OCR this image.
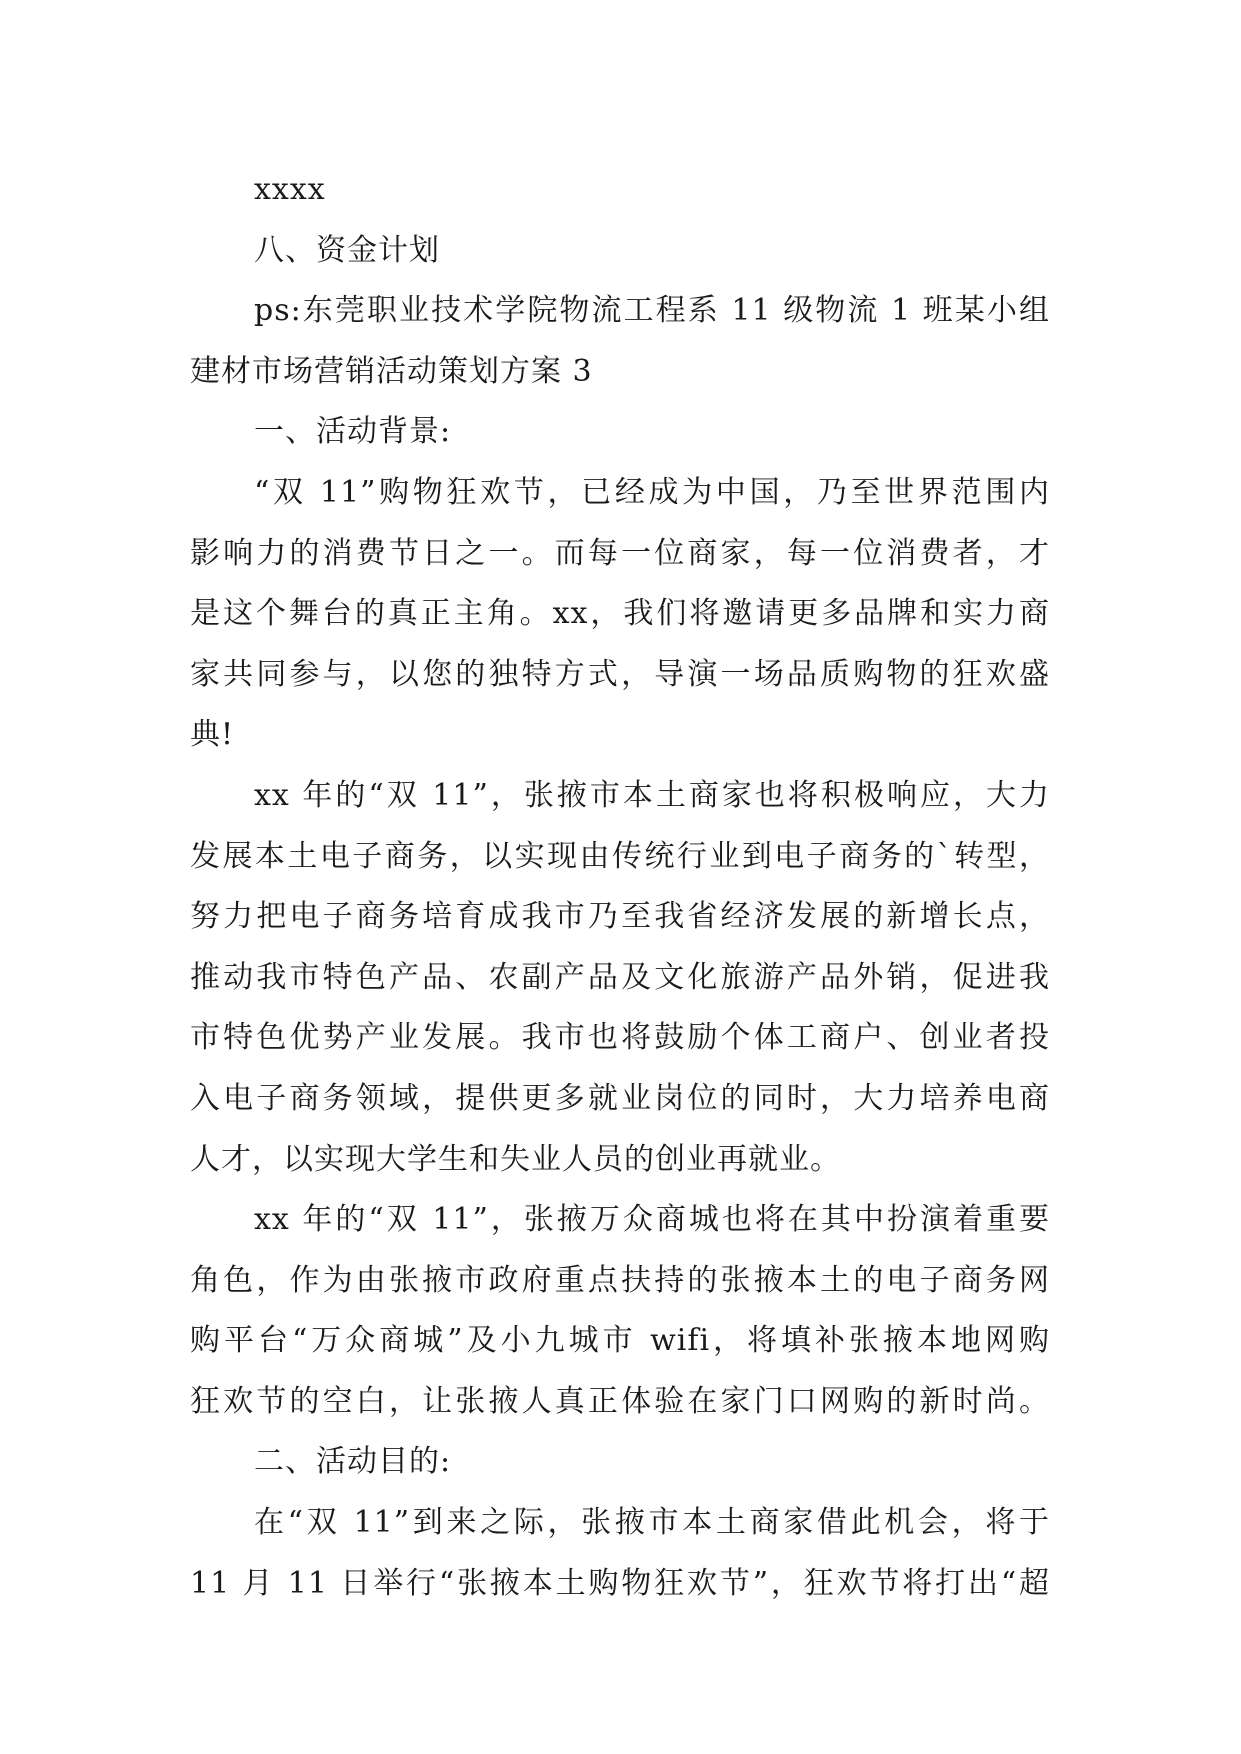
xxxx
八、资金计划
ps:东莞职业技术学院物流工程系 11 级物流 1 班某小组
建材市场营销活动策划方案 3
一、活动背景:
“双 11”购物狂欢节，已经成为中国，乃至世界范围内
影响力的消费节日之一。而每一位商家，每一位消费者，才
是这个舞台的真正主角。xx，我们将邀请更多品牌和实力商
家共同参与，以您的独特方式，导演一场品质购物的狂欢盛
典!
xx 年的“双 11”，张掖市本土商家也将积极响应，大力
发展本土电子商务，以实现由传统行业到电子商务的`转型，
努力把电子商务培育成我市乃至我省经济发展的新增长点，
推动我市特色产品、农副产品及文化旅游产品外销，促进我
市特色优势产业发展。我市也将鼓励个体工商户、创业者投
入电子商务领域，提供更多就业岗位的同时，大力培养电商
人才，以实现大学生和失业人员的创业再就业。
xx 年的“双 11”，张掖万众商城也将在其中扮演着重要
角色，作为由张掖市政府重点扶持的张掖本土的电子商务网
购平台“万众商城”及小九城市 wifi，将填补张掖本地网购
狂欢节的空白，让张掖人真正体验在家门口网购的新时尚。
二、活动目的:
在“双 11”到来之际，张掖市本土商家借此机会，将于
11 月 11 日举行“张掖本土购物狂欢节”，狂欢节将打出“超
